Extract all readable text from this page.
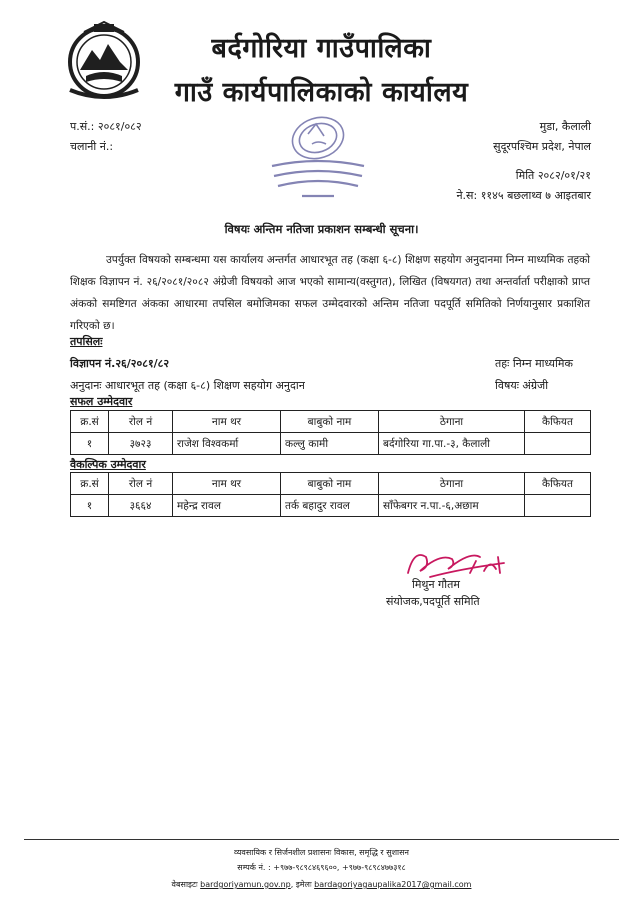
बर्दगोरिया गाउँपालिका
गाउँ कार्यपालिकाको कार्यालय
प.सं.: २०८१/०८२
चलानी नं.:
मुडा, कैलाली
सुदूरपश्चिम प्रदेश, नेपाल
मिति २०८२/०१/२१
ने.स: ११४५ बछलाथ्व ७ आइतबार
विषयः अन्तिम नतिजा प्रकाशन सम्बन्धी सूचना।
उपर्युक्त विषयको सम्बन्धमा यस कार्यालय अन्तर्गत आधारभूत तह (कक्षा ६-८) शिक्षण सहयोग अनुदानमा निम्न माध्यमिक तहको शिक्षक विज्ञापन नं. २६/२०८१/२०८२ अंग्रेजी विषयको आज भएको सामान्य(वस्तुगत), लिखित (विषयगत) तथा अन्तर्वार्ता परीक्षाको प्राप्त अंकको समष्टिगत अंकका आधारमा तपसिल बमोजिमका सफल उम्मेदवारको अन्तिम नतिजा पदपूर्ति समितिको निर्णयानुसार प्रकाशित गरिएको छ।
तपसिलः
विज्ञापन नं.२६/२०८१/८२	तहः निम्न माध्यमिक
अनुदानः आधारभूत तह (कक्षा ६-८) शिक्षण सहयोग अनुदान	विषयः अंग्रेजी
सफल उम्मेदवार
क्र.सं	रोल नं	नाम थर	बाबुको नाम	ठेगाना	कैफियत
१	३७२३	राजेश विश्वकर्मा	कल्लु कामी	बर्दगोरिया गा.पा.-३, कैलाली	
वैकल्पिक उम्मेदवार
क्र.सं	रोल नं	नाम थर	बाबुको नाम	ठेगाना	कैफियत
१	३६६४	महेन्द्र रावल	तर्क बहादुर रावल	साँफेबगर न.पा.-६,अछाम	
मिथुन गौतम
संयोजक,पदपूर्ति समिति
व्यवसायिक र सिर्जनशील प्रशासनः विकास, समृद्धि र सुशासन
सम्पर्क नं. : +९७७-९८९८४६९६००, +९७७-९८९८४७७३१८
वेबसाइटः bardgoriyamun.gov.np, इमेलः bardagoriyagaupalika2017@gmail.com
